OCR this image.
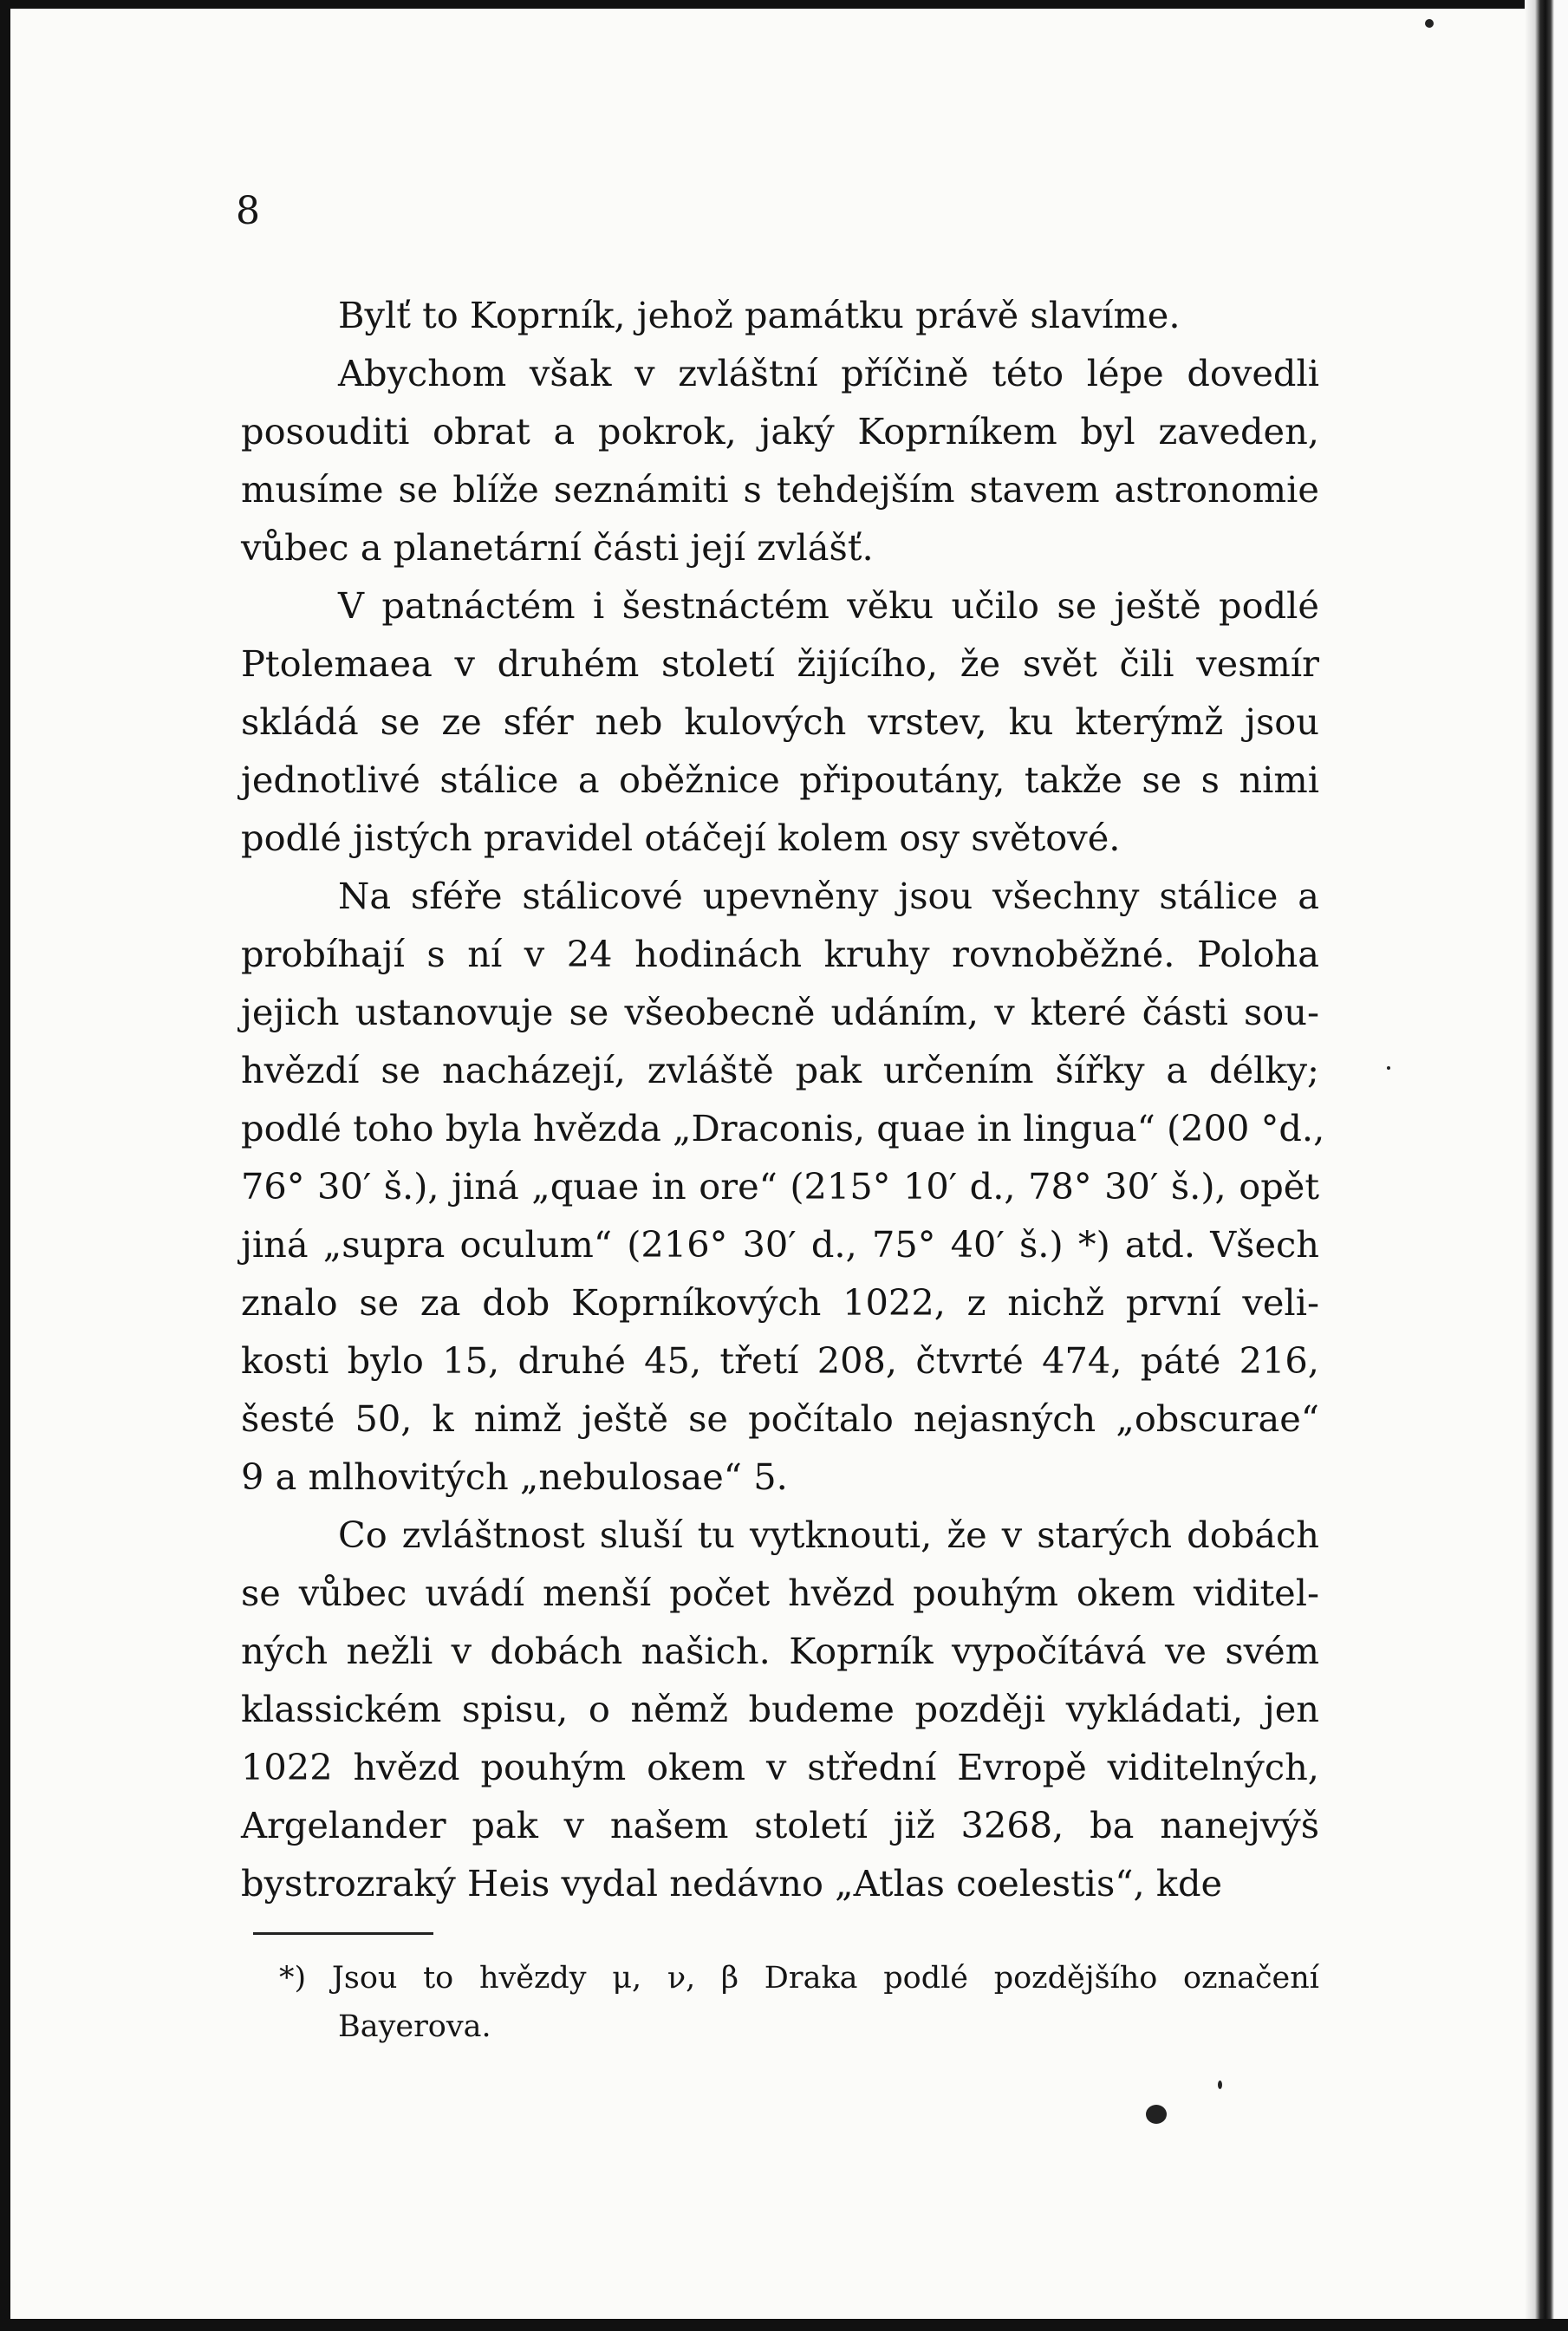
8

Bylť to Koprník, jehož památku právě slavíme.

Abychom však v zvláštní příčině této lépe dovedli
posouditi obrat a pokrok, jaký Koprníkem byl zaveden,
musíme se blíže seznámiti s tehdejším stavem astronomie
vůbec a planetární části její zvlášť.

V patnáctém i šestnáctém věku učilo se ještě podlé
Ptolemaea v druhém století žijícího, že svět čili vesmír
skládá se ze sfér neb kulových vrstev, ku kterýmž jsou
jednotlivé stálice a oběžnice připoutány, takže se s nimi
podlé jistých pravidel otáčejí kolem osy světové.

Na sféře stálicové upevněny jsou všechny stálice a
probíhají s ní v 24 hodinách kruhy rovnoběžné. Poloha
jejich ustanovuje se všeobecně udáním, v které části sou-
hvězdí se nacházejí, zvláště pak určením šířky a délky;
podlé toho byla hvězda „Draconis, quae in lingua“ (200 °d.,
76° 30′ š.), jiná „quae in ore“ (215° 10′ d., 78° 30′ š.), opět
jiná „supra oculum“ (216° 30′ d., 75° 40′ š.) *) atd. Všech
znalo se za dob Koprníkových 1022, z nichž první veli-
kosti bylo 15, druhé 45, třetí 208, čtvrté 474, páté 216,
šesté 50, k nimž ještě se počítalo nejasných „obscurae“
9 a mlhovitých „nebulosae“ 5.

Co zvláštnost sluší tu vytknouti, že v starých dobách
se vůbec uvádí menší počet hvězd pouhým okem viditel-
ných nežli v dobách našich. Koprník vypočítává ve svém
klassickém spisu, o němž budeme později vykládati, jen
1022 hvězd pouhým okem v střední Evropě viditelných,
Argelander pak v našem století již 3268, ba nanejvýš
bystrozraký Heis vydal nedávno „Atlas coelestis“, kde

*) Jsou to hvězdy μ, ν, β Draka podlé pozdějšího označení
Bayerova.
